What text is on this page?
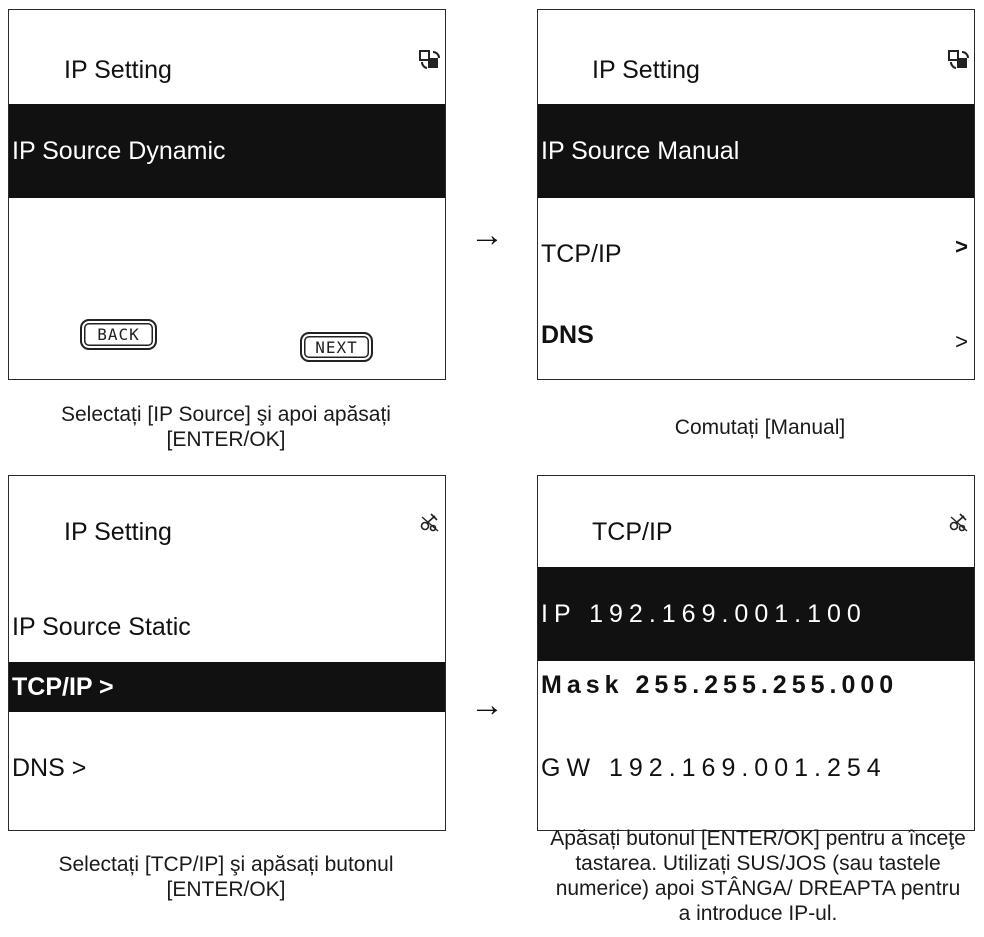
IP Setting
IP Source Dynamic
BACK
NEXT
→
IP Setting
IP Source Manual
TCP/IP	>
DNS	>
Selectați [IP Source] şi apoi apăsați [ENTER/OK]
Comutați [Manual]
IP Setting
IP Source Static
TCP/IP >
DNS >
→
TCP/IP
IP 192.169.001.100
Mask 255.255.255.000
GW 192.169.001.254
Selectați [TCP/IP] şi apăsați butonul [ENTER/OK]
Apăsați butonul [ENTER/OK] pentru a înceţe tastarea. Utilizați SUS/JOS (sau tastele numerice) apoi STÂNGA/ DREAPTA pentru a introduce IP-ul.
